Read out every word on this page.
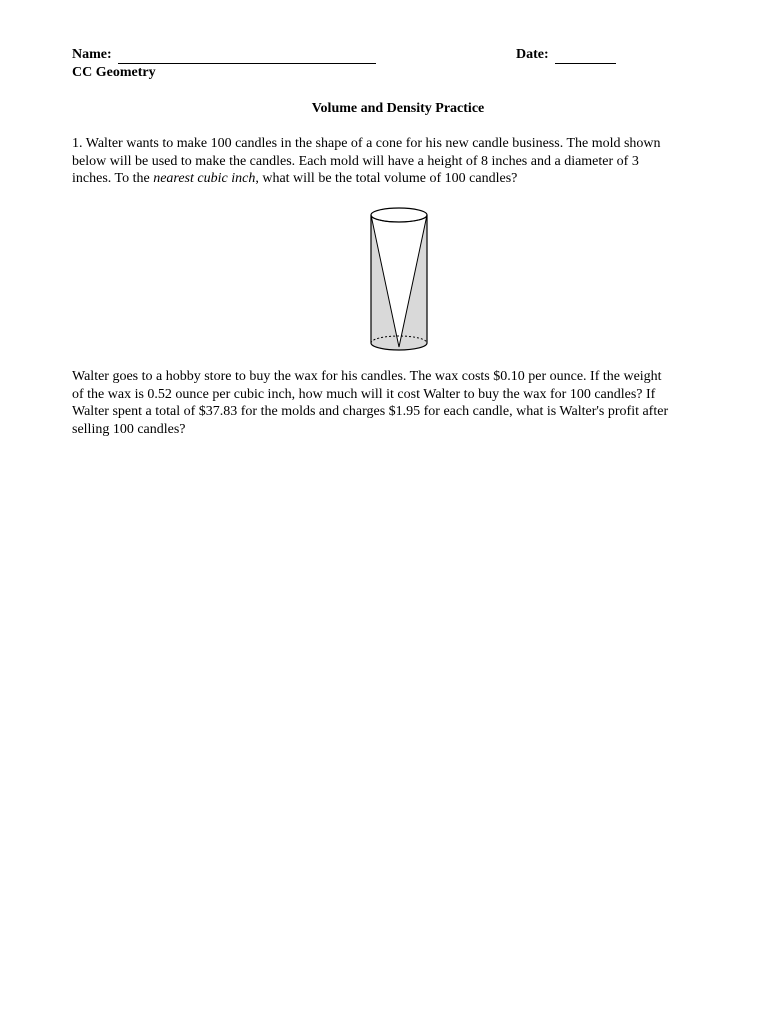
Name:	Date:
CC Geometry
Volume and Density Practice

1. Walter wants to make 100 candles in the shape of a cone for his new candle business. The mold shown
below will be used to make the candles. Each mold will have a height of 8 inches and a diameter of 3
inches. To the nearest cubic inch, what will be the total volume of 100 candles?

Walter goes to a hobby store to buy the wax for his candles. The wax costs $0.10 per ounce. If the weight
of the wax is 0.52 ounce per cubic inch, how much will it cost Walter to buy the wax for 100 candles? If
Walter spent a total of $37.83 for the molds and charges $1.95 for each candle, what is Walter's profit after
selling 100 candles?
